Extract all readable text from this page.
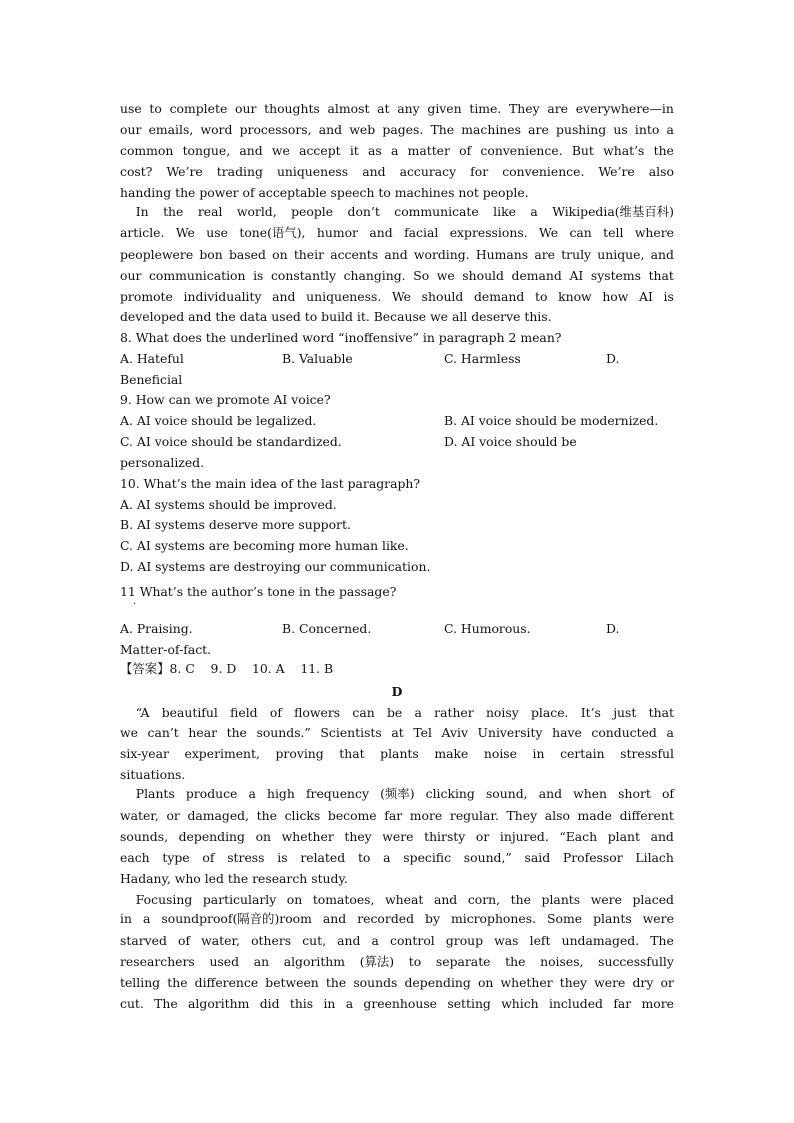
use to complete our thoughts almost at any given time. They are everywhere—in
our emails, word processors, and web pages. The machines are pushing us into a
common tongue, and we accept it as a matter of convenience. But what’s the
cost? We’re trading uniqueness and accuracy for convenience. We’re also
handing the power of acceptable speech to machines not people.
In the real world, people don’t communicate like a Wikipedia(维基百科)
article. We use tone(语气), humor and facial expressions. We can tell where
peoplewere bon based on their accents and wording. Humans are truly unique, and
our communication is constantly changing. So we should demand AI systems that
promote individuality and uniqueness. We should demand to know how AI is
developed and the data used to build it. Because we all deserve this.
8. What does the underlined word “inoffensive” in paragraph 2 mean?
A. Hateful	B. Valuable	C. Harmless	D.
Beneficial
9. How can we promote AI voice?
A. AI voice should be legalized.	B. AI voice should be modernized.
C. AI voice should be standardized.	D. AI voice should be
personalized.
10. What’s the main idea of the last paragraph?
A. AI systems should be improved.
B. AI systems deserve more support.
C. AI systems are becoming more human like.
D. AI systems are destroying our communication.
11 What’s the author’s tone in the passage?
·
A. Praising.	B. Concerned.	C. Humorous.	D.
Matter-of-fact.
【答案】8. C    9. D    10. A    11. B
D
“A beautiful field of flowers can be a rather noisy place. It’s just that
we can’t hear the sounds.” Scientists at Tel Aviv University have conducted a
six-year experiment, proving that plants make noise in certain stressful
situations.
Plants produce a high frequency (频率) clicking sound, and when short of
water, or damaged, the clicks become far more regular. They also made different
sounds, depending on whether they were thirsty or injured. “Each plant and
each type of stress is related to a specific sound,” said Professor Lilach
Hadany, who led the research study.
Focusing particularly on tomatoes, wheat and corn, the plants were placed
in a soundproof(隔音的)room and recorded by microphones. Some plants were
starved of water, others cut, and a control group was left undamaged. The
researchers used an algorithm (算法) to separate the noises, successfully
telling the difference between the sounds depending on whether they were dry or
cut. The algorithm did this in a greenhouse setting which included far more
